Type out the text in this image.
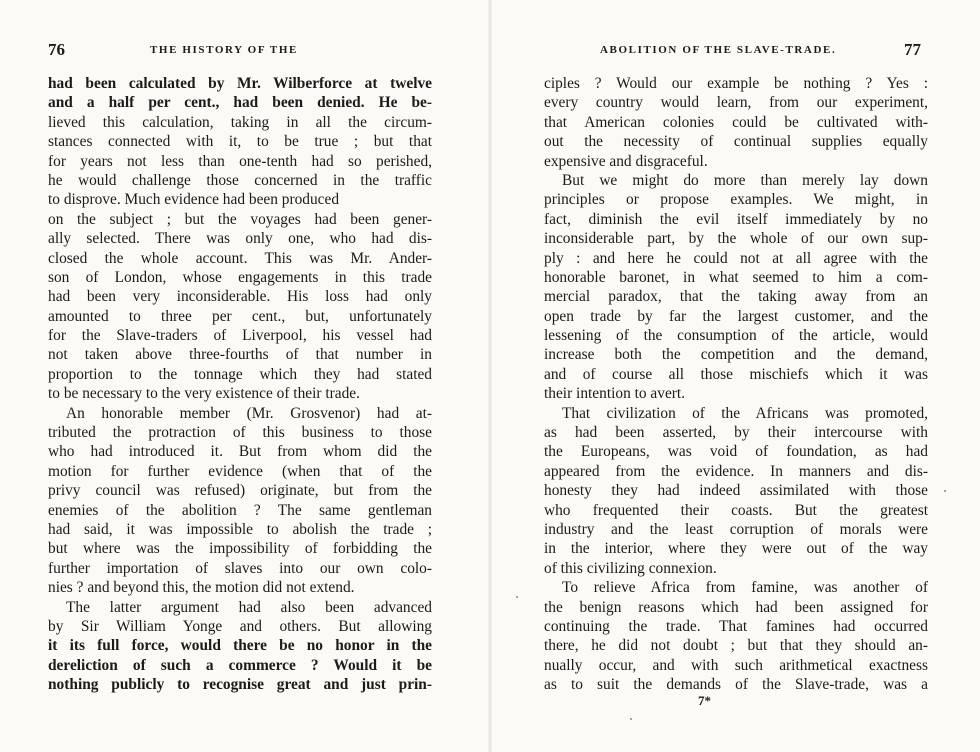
76	THE HISTORY OF THE
had been calculated by Mr. Wilberforce at twelve
and a half per cent., had been denied. He be-
lieved this calculation, taking in all the circum-
stances connected with it, to be true ; but that
for years not less than one-tenth had so perished,
he would challenge those concerned in the traffic
to disprove. Much evidence had been produced
on the subject ; but the voyages had been gener-
ally selected. There was only one, who had dis-
closed the whole account. This was Mr. Ander-
son of London, whose engagements in this trade
had been very inconsiderable. His loss had only
amounted to three per cent., but, unfortunately
for the Slave-traders of Liverpool, his vessel had
not taken above three-fourths of that number in
proportion to the tonnage which they had stated
to be necessary to the very existence of their trade.
An honorable member (Mr. Grosvenor) had at-
tributed the protraction of this business to those
who had introduced it. But from whom did the
motion for further evidence (when that of the
privy council was refused) originate, but from the
enemies of the abolition ? The same gentleman
had said, it was impossible to abolish the trade ;
but where was the impossibility of forbidding the
further importation of slaves into our own colo-
nies ? and beyond this, the motion did not extend.
The latter argument had also been advanced
by Sir William Yonge and others. But allowing
it its full force, would there be no honor in the
dereliction of such a commerce ? Would it be
nothing publicly to recognise great and just prin-
ABOLITION OF THE SLAVE-TRADE.	77
ciples ? Would our example be nothing ? Yes :
every country would learn, from our experiment,
that American colonies could be cultivated with-
out the necessity of continual supplies equally
expensive and disgraceful.
But we might do more than merely lay down
principles or propose examples. We might, in
fact, diminish the evil itself immediately by no
inconsiderable part, by the whole of our own sup-
ply : and here he could not at all agree with the
honorable baronet, in what seemed to him a com-
mercial paradox, that the taking away from an
open trade by far the largest customer, and the
lessening of the consumption of the article, would
increase both the competition and the demand,
and of course all those mischiefs which it was
their intention to avert.
That civilization of the Africans was promoted,
as had been asserted, by their intercourse with
the Europeans, was void of foundation, as had
appeared from the evidence. In manners and dis-
honesty they had indeed assimilated with those
who frequented their coasts. But the greatest
industry and the least corruption of morals were
in the interior, where they were out of the way
of this civilizing connexion.
To relieve Africa from famine, was another of
the benign reasons which had been assigned for
continuing the trade. That famines had occurred
there, he did not doubt ; but that they should an-
nually occur, and with such arithmetical exactness
as to suit the demands of the Slave-trade, was a
7*
